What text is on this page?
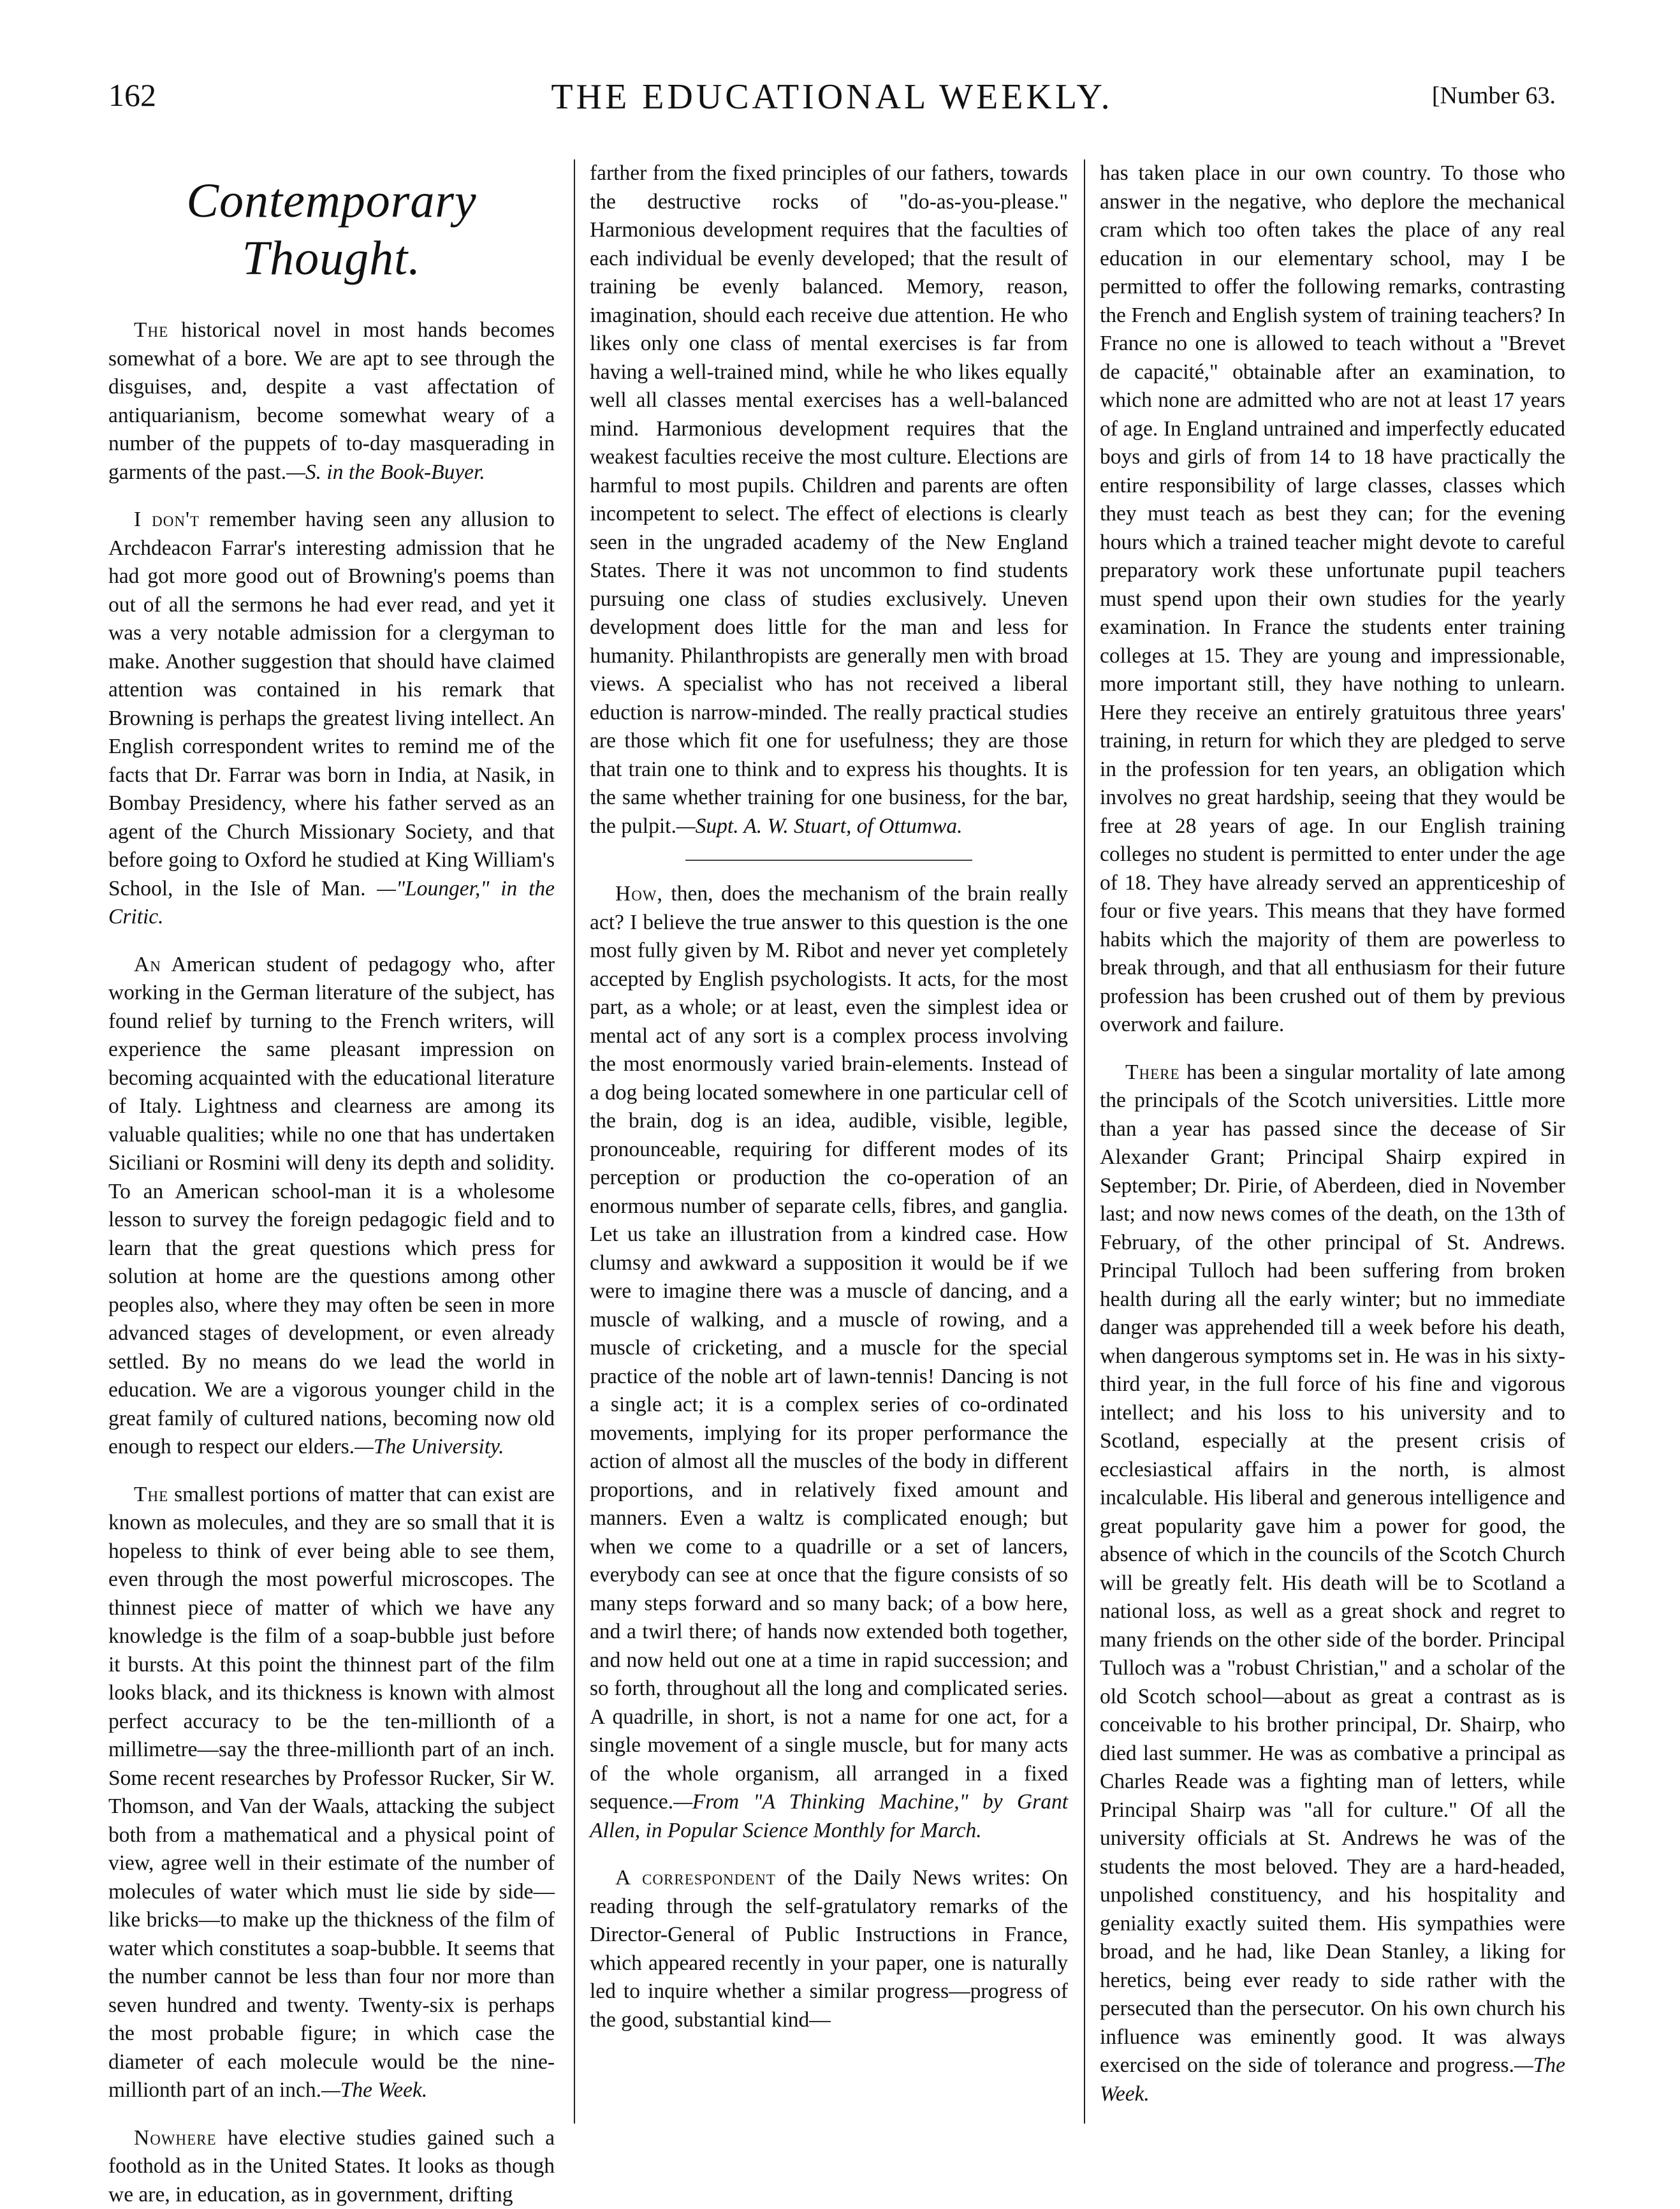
162	THE EDUCATIONAL WEEKLY.	[Number 63.
Contemporary Thought.

The historical novel in most hands becomes somewhat of a bore. We are apt to see through the disguises, and, despite a vast affectation of antiquarianism, become somewhat weary of a number of the puppets of to-day masquerading in garments of the past.—S. in the Book-Buyer.

I don't remember having seen any allusion to Archdeacon Farrar's interesting admission that he had got more good out of Browning's poems than out of all the sermons he had ever read, and yet it was a very notable admission for a clergyman to make. Another suggestion that should have claimed attention was contained in his remark that Browning is perhaps the greatest living intellect. An English correspondent writes to remind me of the facts that Dr. Farrar was born in India, at Nasik, in Bombay Presidency, where his father served as an agent of the Church Missionary Society, and that before going to Oxford he studied at King William's School, in the Isle of Man. —"Lounger," in the Critic.

An American student of pedagogy who, after working in the German literature of the subject, has found relief by turning to the French writers, will experience the same pleasant impression on becoming acquainted with the educational literature of Italy. Lightness and clearness are among its valuable qualities; while no one that has undertaken Siciliani or Rosmini will deny its depth and solidity. To an American school-man it is a wholesome lesson to survey the foreign pedagogic field and to learn that the great questions which press for solution at home are the questions among other peoples also, where they may often be seen in more advanced stages of development, or even already settled. By no means do we lead the world in education. We are a vigorous younger child in the great family of cultured nations, becoming now old enough to respect our elders.—The University.

The smallest portions of matter that can exist are known as molecules, and they are so small that it is hopeless to think of ever being able to see them, even through the most powerful microscopes. The thinnest piece of matter of which we have any knowledge is the film of a soap-bubble just before it bursts. At this point the thinnest part of the film looks black, and its thickness is known with almost perfect accuracy to be the ten-millionth of a millimetre—say the three-millionth part of an inch. Some recent researches by Professor Rucker, Sir W. Thomson, and Van der Waals, attacking the subject both from a mathematical and a physical point of view, agree well in their estimate of the number of molecules of water which must lie side by side—like bricks—to make up the thickness of the film of water which constitutes a soap-bubble. It seems that the number cannot be less than four nor more than seven hundred and twenty. Twenty-six is perhaps the most probable figure; in which case the diameter of each molecule would be the nine-millionth part of an inch.—The Week.

Nowhere have elective studies gained such a foothold as in the United States. It looks as though we are, in education, as in government, drifting

farther from the fixed principles of our fathers, towards the destructive rocks of "do-as-you-please." Harmonious development requires that the faculties of each individual be evenly developed; that the result of training be evenly balanced. Memory, reason, imagination, should each receive due attention. He who likes only one class of mental exercises is far from having a well-trained mind, while he who likes equally well all classes mental exercises has a well-balanced mind. Harmonious development requires that the weakest faculties receive the most culture. Elections are harmful to most pupils. Children and parents are often incompetent to select. The effect of elections is clearly seen in the ungraded academy of the New England States. There it was not uncommon to find students pursuing one class of studies exclusively. Uneven development does little for the man and less for humanity. Philanthropists are generally men with broad views. A specialist who has not received a liberal eduction is narrow-minded. The really practical studies are those which fit one for usefulness; they are those that train one to think and to express his thoughts. It is the same whether training for one business, for the bar, the pulpit.—Supt. A. W. Stuart, of Ottumwa.

How, then, does the mechanism of the brain really act? I believe the true answer to this question is the one most fully given by M. Ribot and never yet completely accepted by English psychologists. It acts, for the most part, as a whole; or at least, even the simplest idea or mental act of any sort is a complex process involving the most enormously varied brain-elements. Instead of a dog being located somewhere in one particular cell of the brain, dog is an idea, audible, visible, legible, pronounceable, requiring for different modes of its perception or production the co-operation of an enormous number of separate cells, fibres, and ganglia. Let us take an illustration from a kindred case. How clumsy and awkward a supposition it would be if we were to imagine there was a muscle of dancing, and a muscle of walking, and a muscle of rowing, and a muscle of cricketing, and a muscle for the special practice of the noble art of lawn-tennis! Dancing is not a single act; it is a complex series of co-ordinated movements, implying for its proper performance the action of almost all the muscles of the body in different proportions, and in relatively fixed amount and manners. Even a waltz is complicated enough; but when we come to a quadrille or a set of lancers, everybody can see at once that the figure consists of so many steps forward and so many back; of a bow here, and a twirl there; of hands now extended both together, and now held out one at a time in rapid succession; and so forth, throughout all the long and complicated series. A quadrille, in short, is not a name for one act, for a single movement of a single muscle, but for many acts of the whole organism, all arranged in a fixed sequence.—From "A Thinking Machine," by Grant Allen, in Popular Science Monthly for March.

A correspondent of the Daily News writes: On reading through the self-gratulatory remarks of the Director-General of Public Instructions in France, which appeared recently in your paper, one is naturally led to inquire whether a similar progress—progress of the good, substantial kind—

has taken place in our own country. To those who answer in the negative, who deplore the mechanical cram which too often takes the place of any real education in our elementary school, may I be permitted to offer the following remarks, contrasting the French and English system of training teachers? In France no one is allowed to teach without a "Brevet de capacité," obtainable after an examination, to which none are admitted who are not at least 17 years of age. In England untrained and imperfectly educated boys and girls of from 14 to 18 have practically the entire responsibility of large classes, classes which they must teach as best they can; for the evening hours which a trained teacher might devote to careful preparatory work these unfortunate pupil teachers must spend upon their own studies for the yearly examination. In France the students enter training colleges at 15. They are young and impressionable, more important still, they have nothing to unlearn. Here they receive an entirely gratuitous three years' training, in return for which they are pledged to serve in the profession for ten years, an obligation which involves no great hardship, seeing that they would be free at 28 years of age. In our English training colleges no student is permitted to enter under the age of 18. They have already served an apprenticeship of four or five years. This means that they have formed habits which the majority of them are powerless to break through, and that all enthusiasm for their future profession has been crushed out of them by previous overwork and failure.

There has been a singular mortality of late among the principals of the Scotch universities. Little more than a year has passed since the decease of Sir Alexander Grant; Principal Shairp expired in September; Dr. Pirie, of Aberdeen, died in November last; and now news comes of the death, on the 13th of February, of the other principal of St. Andrews. Principal Tulloch had been suffering from broken health during all the early winter; but no immediate danger was apprehended till a week before his death, when dangerous symptoms set in. He was in his sixty-third year, in the full force of his fine and vigorous intellect; and his loss to his university and to Scotland, especially at the present crisis of ecclesiastical affairs in the north, is almost incalculable. His liberal and generous intelligence and great popularity gave him a power for good, the absence of which in the councils of the Scotch Church will be greatly felt. His death will be to Scotland a national loss, as well as a great shock and regret to many friends on the other side of the border. Principal Tulloch was a "robust Christian," and a scholar of the old Scotch school—about as great a contrast as is conceivable to his brother principal, Dr. Shairp, who died last summer. He was as combative a principal as Charles Reade was a fighting man of letters, while Principal Shairp was "all for culture." Of all the university officials at St. Andrews he was of the students the most beloved. They are a hard-headed, unpolished constituency, and his hospitality and geniality exactly suited them. His sympathies were broad, and he had, like Dean Stanley, a liking for heretics, being ever ready to side rather with the persecuted than the persecutor. On his own church his influence was eminently good. It was always exercised on the side of tolerance and progress.—The Week.
